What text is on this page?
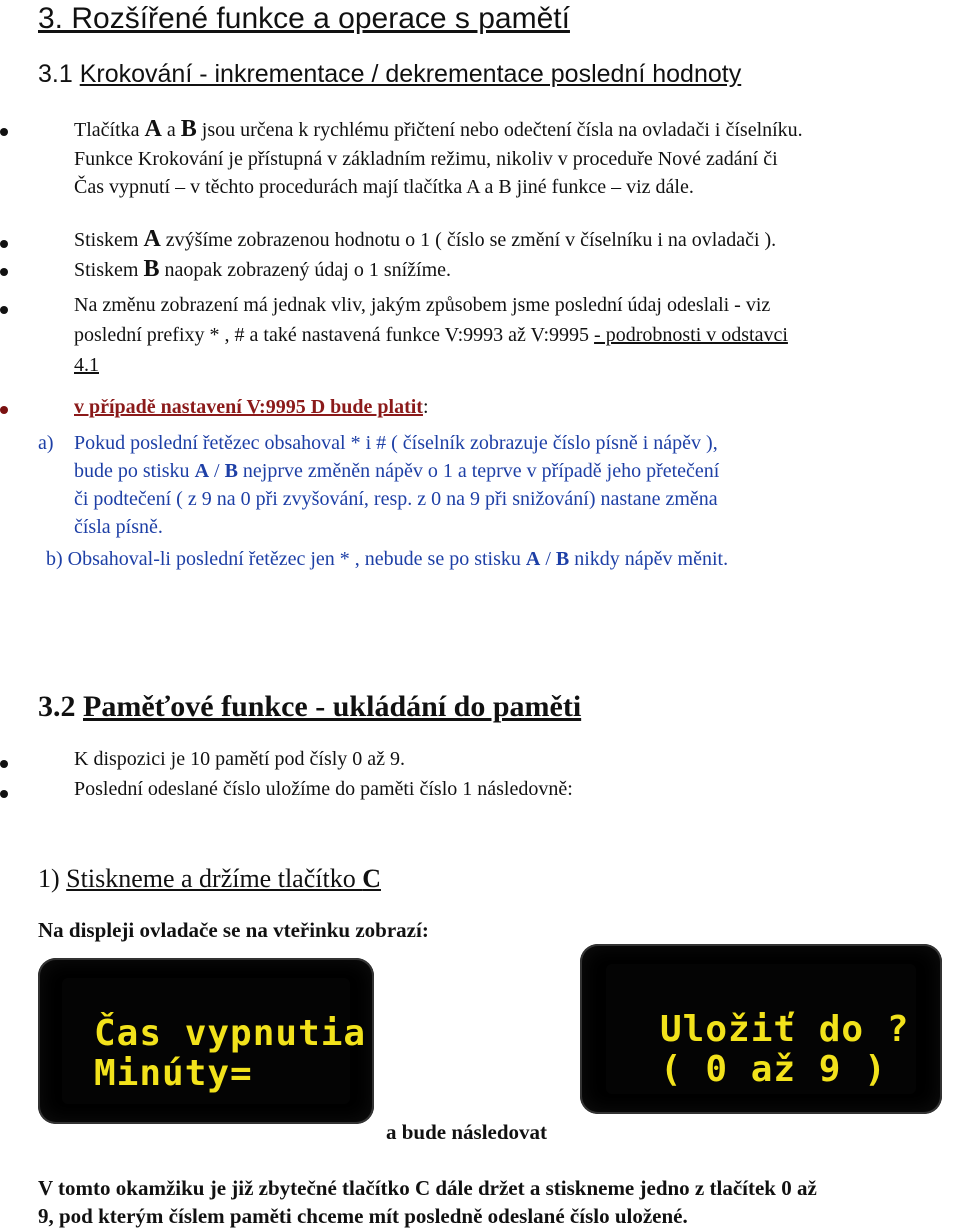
3. Rozšířené funkce a operace s pamětí
3.1 Krokování - inkrementace / dekrementace poslední hodnoty
Tlačítka A a B jsou určena k rychlému přičtení nebo odečtení čísla na ovladači i číselníku.
Funkce Krokování je přístupná v základním režimu, nikoliv v proceduře Nové zadání či
Čas vypnutí – v těchto procedurách mají tlačítka A a B jiné funkce – viz dále.
Stiskem A zvýšíme zobrazenou hodnotu o 1 ( číslo se změní v číselníku i na ovladači ).
Stiskem B naopak zobrazený údaj o 1 snížíme.
Na změnu zobrazení má jednak vliv, jakým způsobem jsme poslední údaj odeslali - viz
poslední prefixy * , # a také nastavená funkce V:9993 až V:9995 - podrobnosti v odstavci
4.1
v případě nastavení V:9995 D bude platit:
a) Pokud poslední řetězec obsahoval * i # ( číselník zobrazuje číslo písně i nápěv ),
bude po stisku A / B nejprve změněn nápěv o 1 a teprve v případě jeho přetečení
či podtečení ( z 9 na 0 při zvyšování, resp. z 0 na 9 při snižování) nastane změna
čísla písně.
b) Obsahoval-li poslední řetězec jen * , nebude se po stisku A / B nikdy nápěv měnit.
3.2 Paměťové funkce - ukládání do paměti
K dispozici je 10 pamětí pod čísly 0 až 9.
Poslední odeslané číslo uložíme do paměti číslo 1 následovně:
1) Stiskneme a držíme tlačítko C
Na displeji ovladače se na vteřinku zobrazí:
Čas vypnutia
Minúty=
Uložiť do ?
( 0 až 9 )
a bude následovat
V tomto okamžiku je již zbytečné tlačítko C dále držet a stiskneme jedno z tlačítek 0 až
9, pod kterým číslem paměti chceme mít posledně odeslané číslo uložené.
